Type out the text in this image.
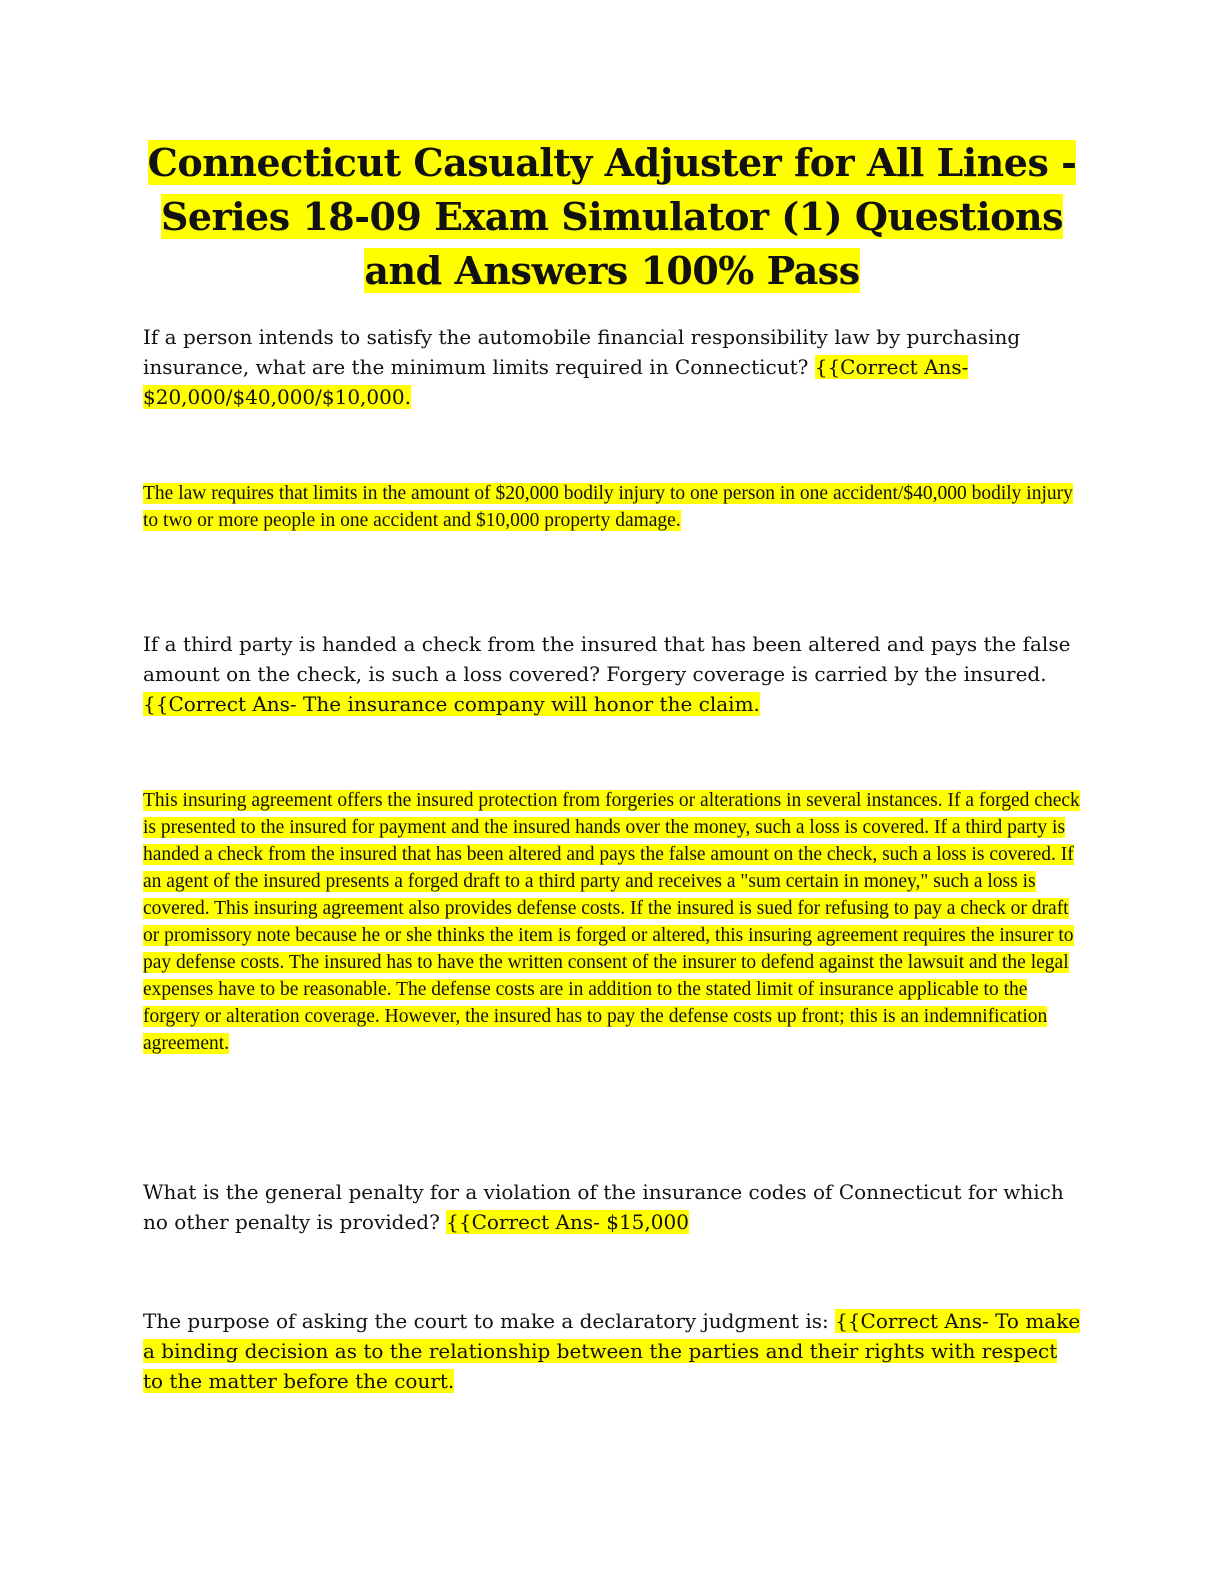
Connecticut Casualty Adjuster for All Lines - Series 18-09 Exam Simulator (1) Questions and Answers 100% Pass

If a person intends to satisfy the automobile financial responsibility law by purchasing insurance, what are the minimum limits required in Connecticut? {{Correct Ans- $20,000/$40,000/$10,000.

The law requires that limits in the amount of $20,000 bodily injury to one person in one accident/$40,000 bodily injury to two or more people in one accident and $10,000 property damage.

If a third party is handed a check from the insured that has been altered and pays the false amount on the check, is such a loss covered? Forgery coverage is carried by the insured. {{Correct Ans- The insurance company will honor the claim.

This insuring agreement offers the insured protection from forgeries or alterations in several instances. If a forged check is presented to the insured for payment and the insured hands over the money, such a loss is covered. If a third party is handed a check from the insured that has been altered and pays the false amount on the check, such a loss is covered. If an agent of the insured presents a forged draft to a third party and receives a "sum certain in money," such a loss is covered. This insuring agreement also provides defense costs. If the insured is sued for refusing to pay a check or draft or promissory note because he or she thinks the item is forged or altered, this insuring agreement requires the insurer to pay defense costs. The insured has to have the written consent of the insurer to defend against the lawsuit and the legal expenses have to be reasonable. The defense costs are in addition to the stated limit of insurance applicable to the forgery or alteration coverage. However, the insured has to pay the defense costs up front; this is an indemnification agreement.

What is the general penalty for a violation of the insurance codes of Connecticut for which no other penalty is provided? {{Correct Ans- $15,000

The purpose of asking the court to make a declaratory judgment is: {{Correct Ans- To make a binding decision as to the relationship between the parties and their rights with respect to the matter before the court.
